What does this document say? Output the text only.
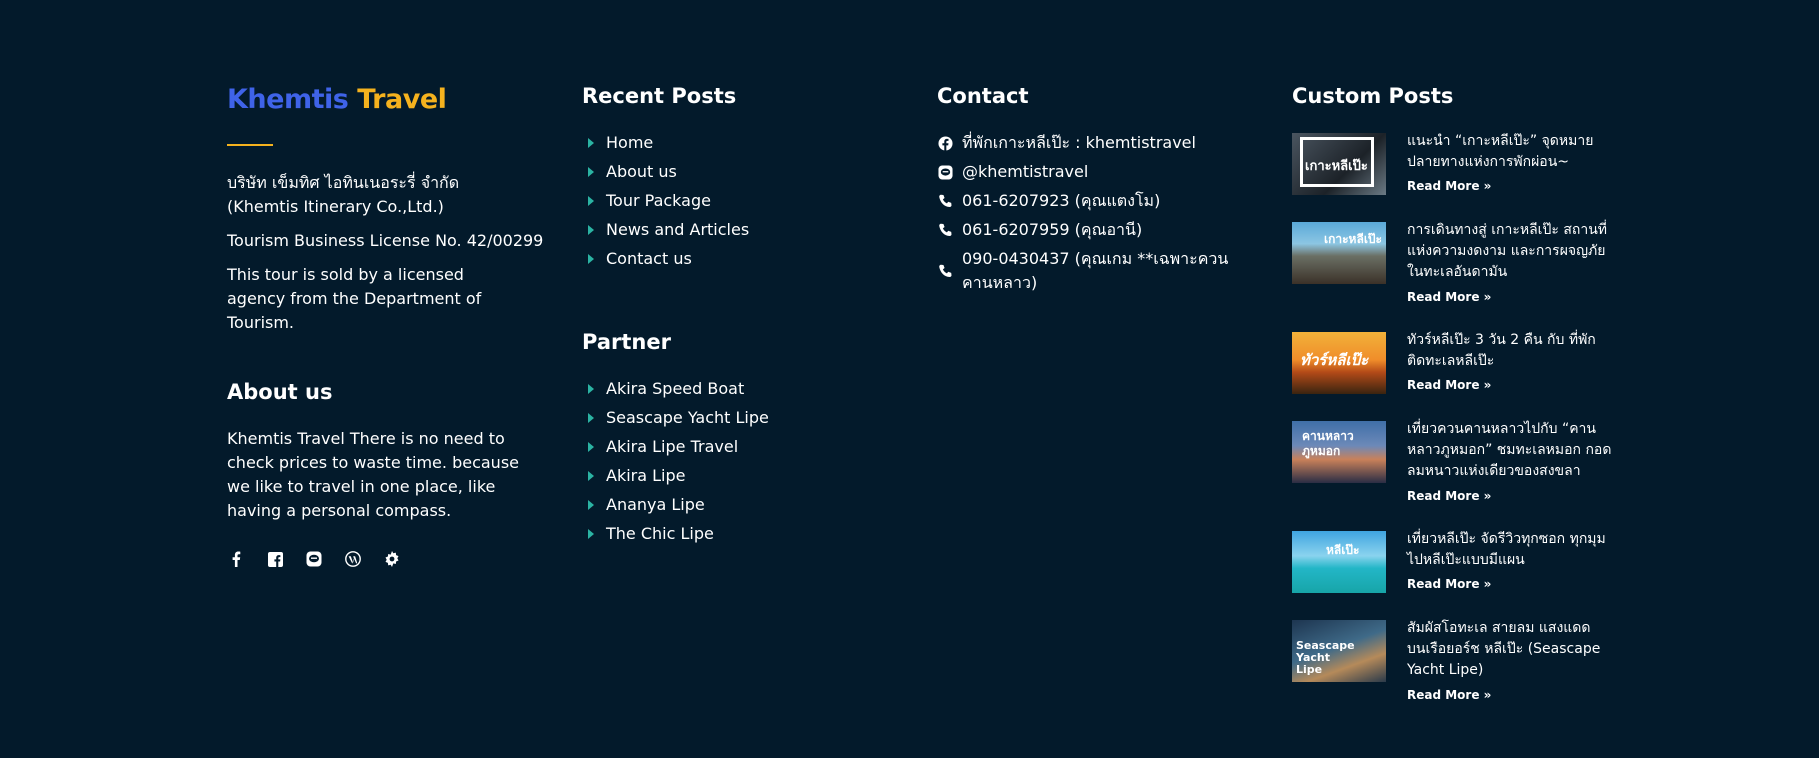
Khemtis Travel
บริษัท เข็มทิศ ไอทินเนอระรี่ จำกัด (Khemtis Itinerary Co.,Ltd.)
Tourism Business License No. 42/00299
This tour is sold by a licensed agency from the Department of Tourism.
About us
Khemtis Travel There is no need to check prices to waste time. because we like to travel in one place, like having a personal compass.
Recent Posts
Home
About us
Tour Package
News and Articles
Contact us
Partner
Akira Speed Boat
Seascape Yacht Lipe
Akira Lipe Travel
Akira Lipe
Ananya Lipe
The Chic Lipe
Contact
ที่พักเกาะหลีเป๊ะ : khemtistravel
@khemtistravel
061-6207923 (คุณแตงโม)
061-6207959 (คุณอานี)
090-0430437 (คุณเกม **เฉพาะควนคานหลาว)
Custom Posts
เกาะหลีเป๊ะ
แนะนำ “เกาะหลีเป๊ะ” จุดหมายปลายทางแห่งการพักผ่อน~
Read More »
เกาะหลีเป๊ะ
การเดินทางสู่ เกาะหลีเป๊ะ สถานที่แห่งความงดงาม และการผจญภัยในทะเลอันดามัน
Read More »
ทัวร์หลีเป๊ะ
ทัวร์หลีเป๊ะ 3 วัน 2 คืน กับ ที่พักติดทะเลหลีเป๊ะ
Read More »
คานหลาว ภูหมอก
เที่ยวควนคานหลาวไปกับ “คานหลาวภูหมอก” ชมทะเลหมอก กอดลมหนาวแห่งเดียวของสงขลา
Read More »
หลีเป๊ะ
เที่ยวหลีเป๊ะ จัดรีวิวทุกซอก ทุกมุม ไปหลีเป๊ะแบบมีแผน
Read More »
Seascape Yacht Lipe
สัมผัสโอทะเล สายลม แสงแดด บนเรือยอร์ช หลีเป๊ะ (Seascape Yacht Lipe)
Read More »
